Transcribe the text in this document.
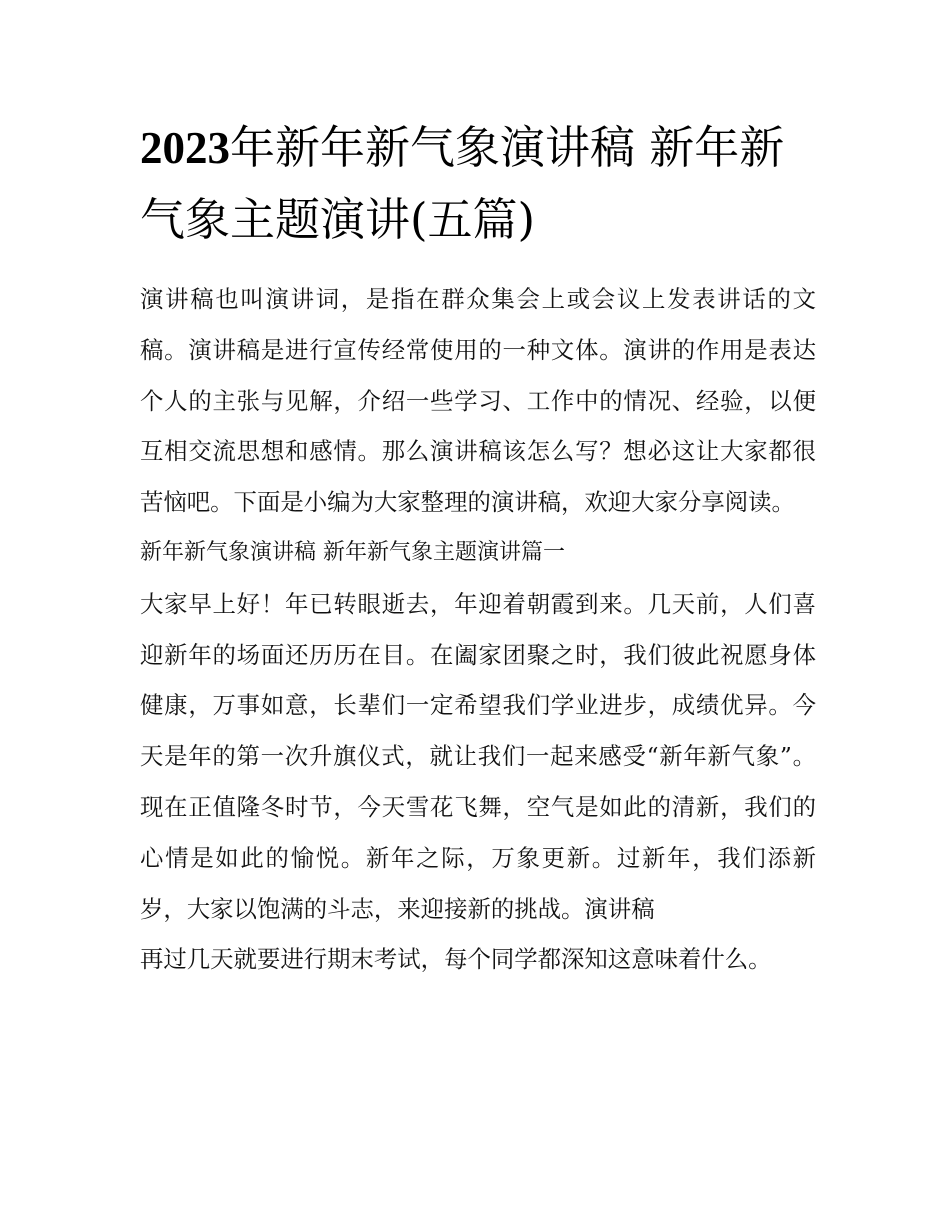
2023年新年新气象演讲稿 新年新气象主题演讲(五篇)

演讲稿也叫演讲词，是指在群众集会上或会议上发表讲话的文稿。演讲稿是进行宣传经常使用的一种文体。演讲的作用是表达个人的主张与见解，介绍一些学习、工作中的情况、经验，以便互相交流思想和感情。那么演讲稿该怎么写？想必这让大家都很苦恼吧。下面是小编为大家整理的演讲稿，欢迎大家分享阅读。

新年新气象演讲稿 新年新气象主题演讲篇一

大家早上好！年已转眼逝去，年迎着朝霞到来。几天前，人们喜迎新年的场面还历历在目。在阖家团聚之时，我们彼此祝愿身体健康，万事如意，长辈们一定希望我们学业进步，成绩优异。今天是年的第一次升旗仪式，就让我们一起来感受“新年新气象”。现在正值隆冬时节，今天雪花飞舞，空气是如此的清新，我们的心情是如此的愉悦。新年之际，万象更新。过新年，我们添新岁，大家以饱满的斗志，来迎接新的挑战。演讲稿

再过几天就要进行期末考试，每个同学都深知这意味着什么。
